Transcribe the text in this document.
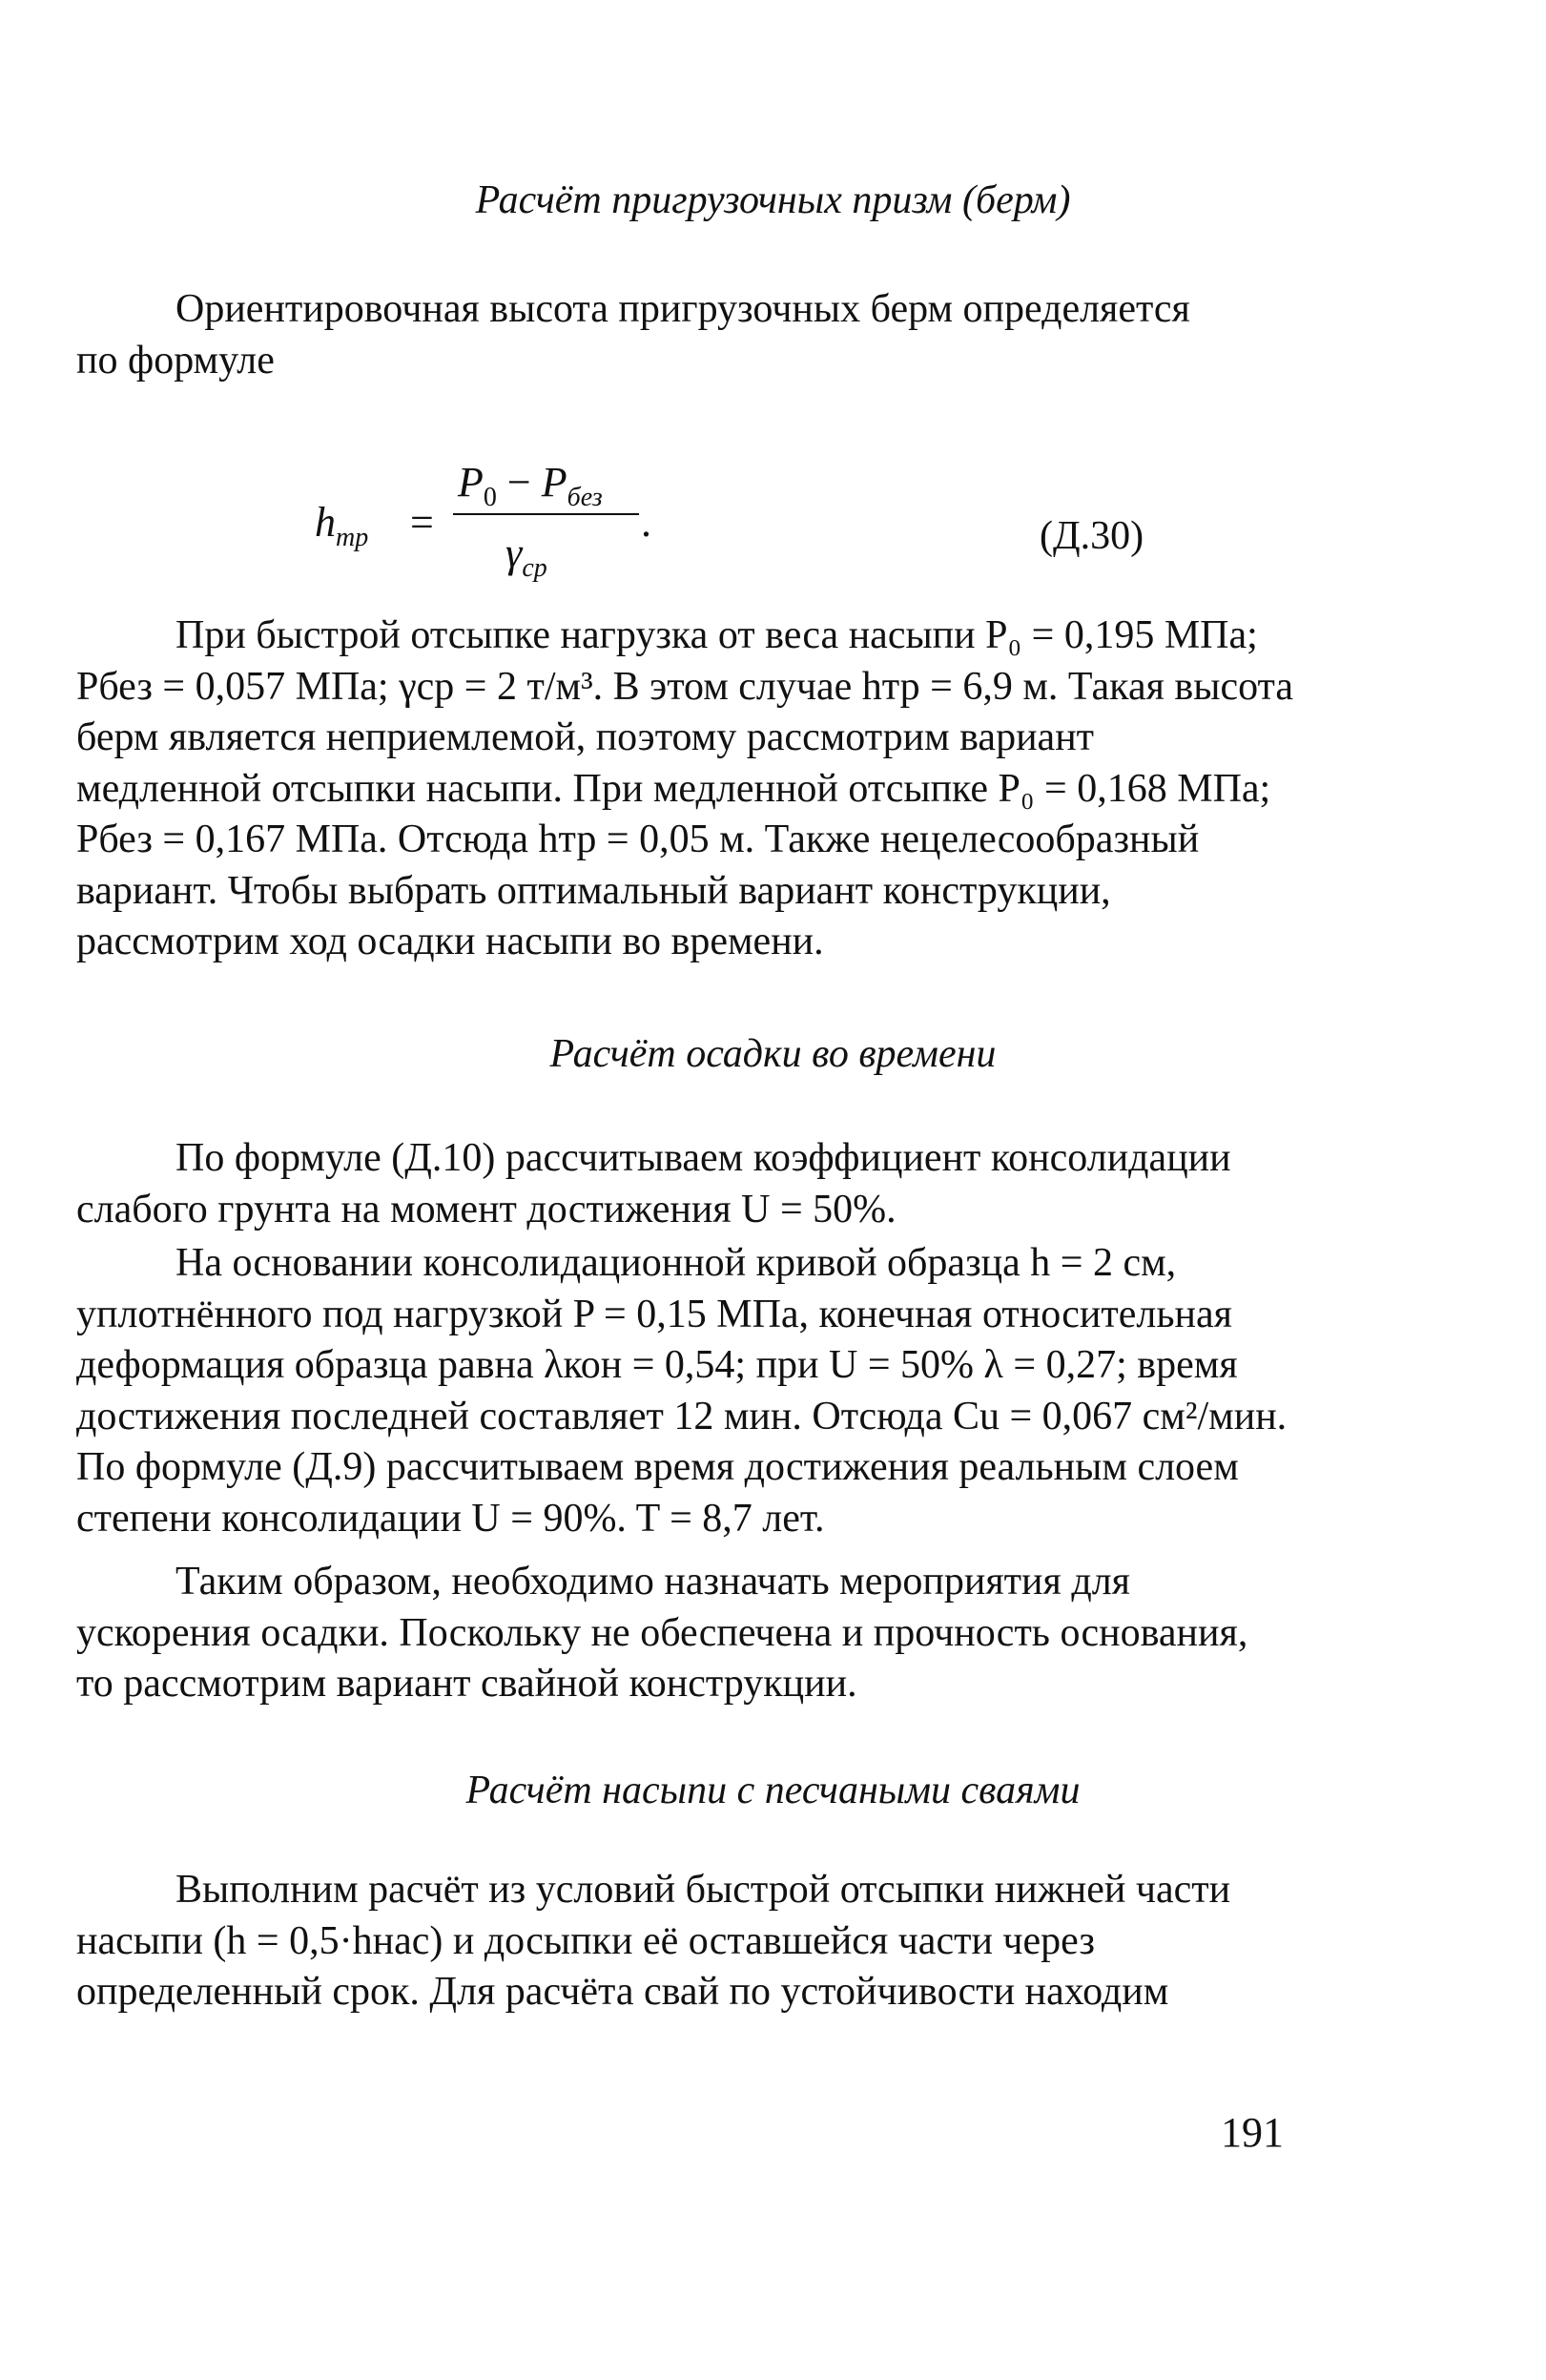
Расчёт пригрузочных призм (берм)
Ориентировочная высота пригрузочных берм определяется
по формуле
$h_{тр}$ =
$P_0 - P_{без}$
.
$\gamma_{ср}$
(Д.30)
При быстрой отсыпке нагрузка от веса насыпи P₀ = 0,195 МПа;
Pбез = 0,057 МПа; γср = 2 т/м³. В этом случае hтр = 6,9 м. Такая высота
берм является неприемлемой, поэтому рассмотрим вариант
медленной отсыпки насыпи. При медленной отсыпке P₀ = 0,168 МПа;
Pбез = 0,167 МПа. Отсюда hтр = 0,05 м. Также нецелесообразный
вариант. Чтобы выбрать оптимальный вариант конструкции,
рассмотрим ход осадки насыпи во времени.
Расчёт осадки во времени
По формуле (Д.10) рассчитываем коэффициент консолидации
слабого грунта на момент достижения U = 50%.
На основании консолидационной кривой образца h = 2 см,
уплотнённого под нагрузкой P = 0,15 МПа, конечная относительная
деформация образца равна λкон = 0,54; при U = 50% λ = 0,27; время
достижения последней составляет 12 мин. Отсюда Cu = 0,067 см²/мин.
По формуле (Д.9) рассчитываем время достижения реальным слоем
степени консолидации U = 90%. T = 8,7 лет.
Таким образом, необходимо назначать мероприятия для
ускорения осадки. Поскольку не обеспечена и прочность основания,
то рассмотрим вариант свайной конструкции.
Расчёт насыпи с песчаными сваями
Выполним расчёт из условий быстрой отсыпки нижней части
насыпи (h = 0,5·hнас) и досыпки её оставшейся части через
определенный срок. Для расчёта свай по устойчивости находим
191
